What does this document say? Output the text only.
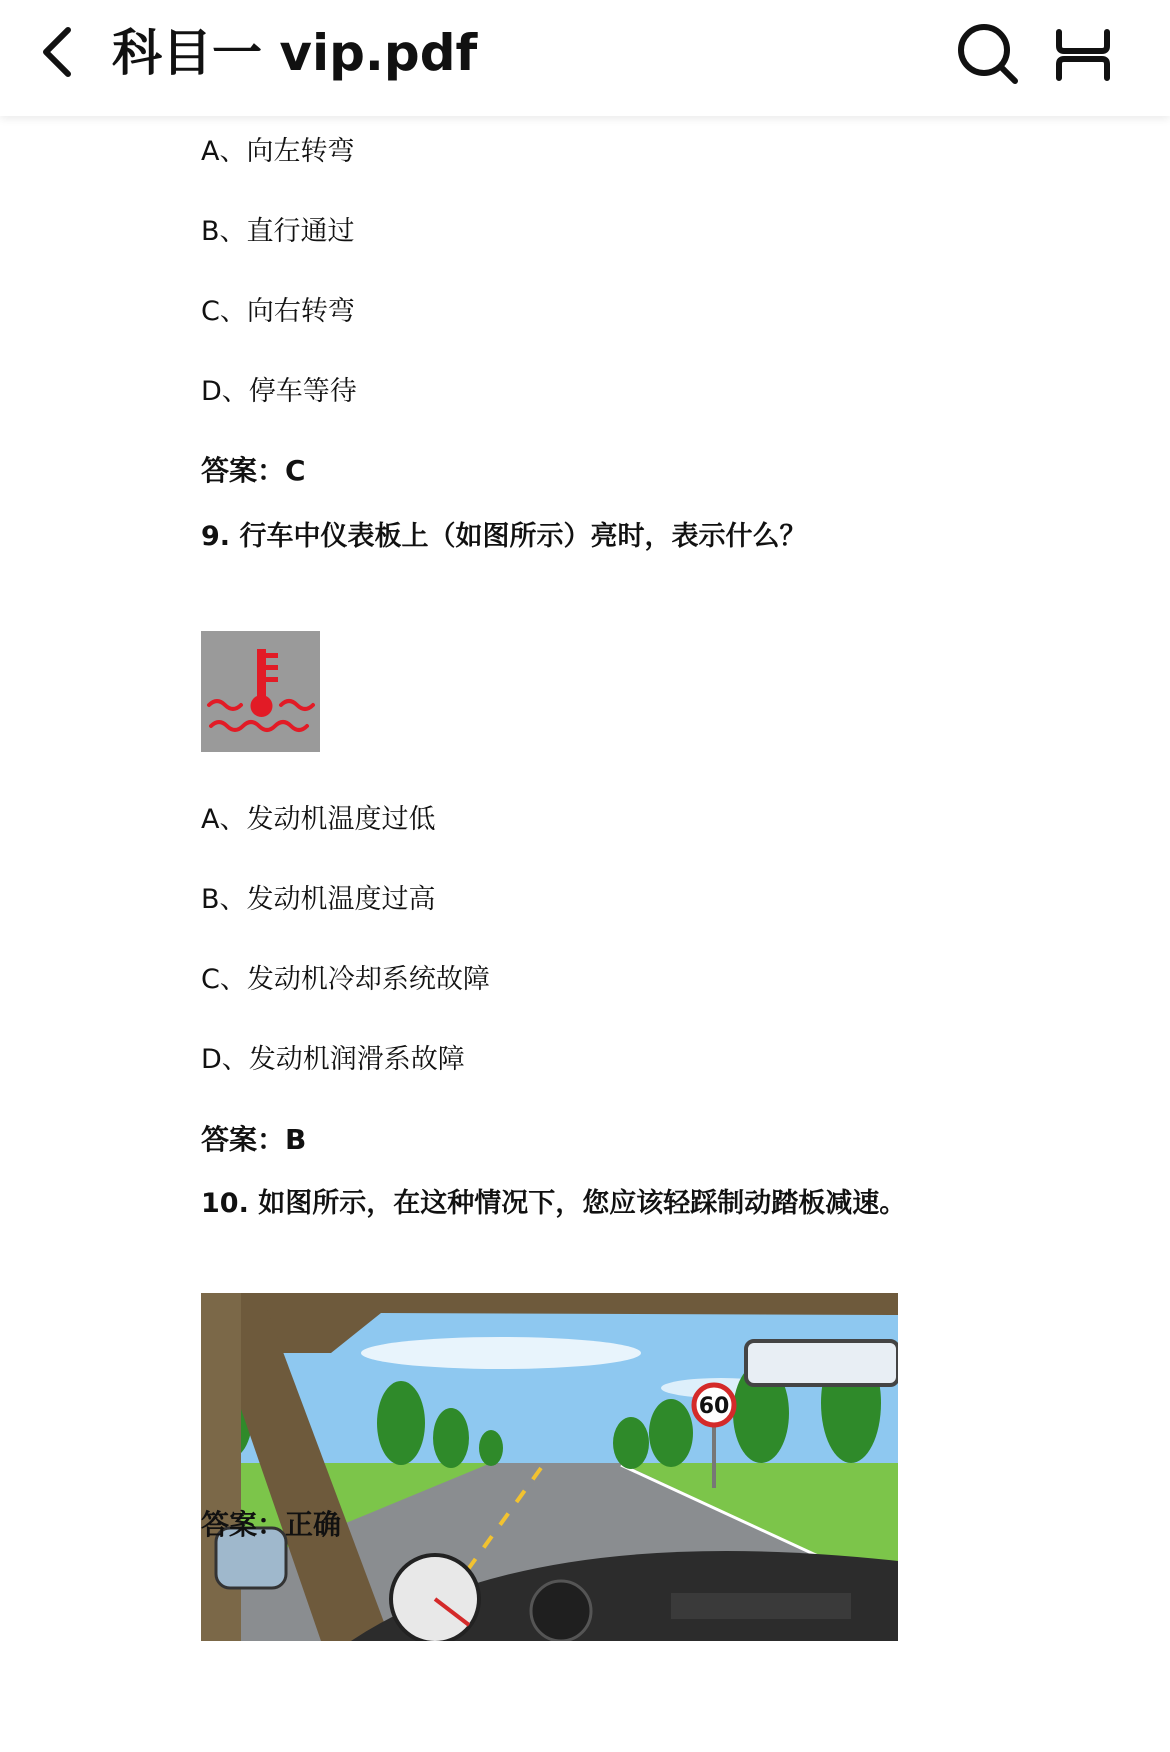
科目一 vip.pdf
A、向左转弯
B、直行通过
C、向右转弯
D、停车等待
答案：C
9. 行车中仪表板上（如图所示）亮时，表示什么？
A、发动机温度过低
B、发动机温度过高
C、发动机冷却系统故障
D、发动机润滑系故障
答案：B
10. 如图所示，在这种情况下，您应该轻踩制动踏板减速。
60
答案：正确
